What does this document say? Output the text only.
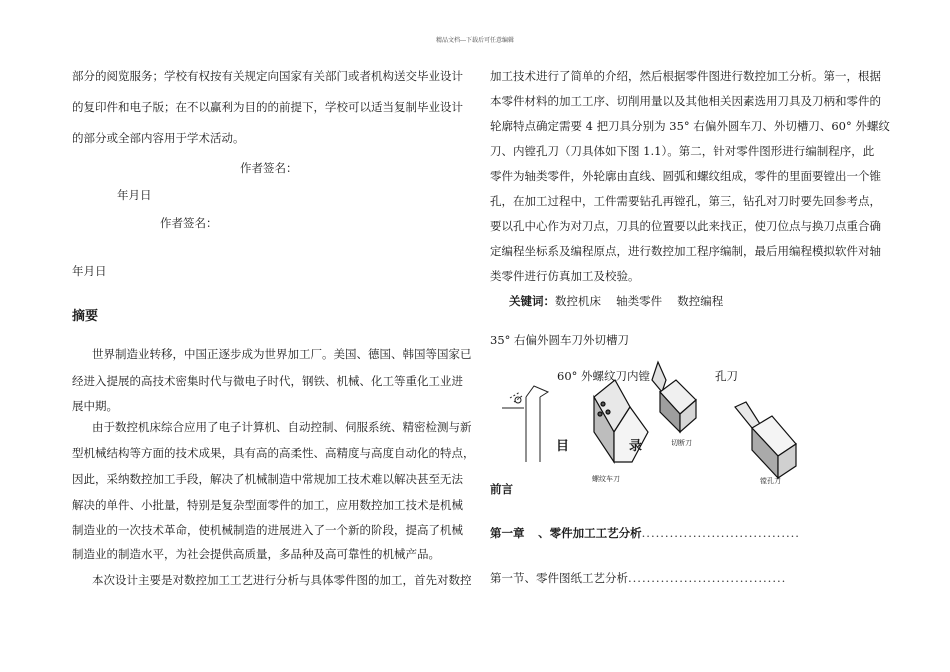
精品文档---下载后可任意编辑
部分的阅览服务；学校有权按有关规定向国家有关部门或者机构送交毕业设计
的复印件和电子版；在不以赢利为目的的前提下，学校可以适当复制毕业设计
的部分或全部内容用于学术活动。
作者签名：
年月日
作者签名：
年月日
摘要
世界制造业转移，中国正逐步成为世界加工厂。美国、德国、韩国等国家已
经进入提展的高技术密集时代与微电子时代，钢铁、机械、化工等重化工业进
展中期。
由于数控机床综合应用了电子计算机、自动控制、伺服系统、精密检测与新
型机械结构等方面的技术成果，具有高的高柔性、高精度与高度自动化的特点，
因此，采纳数控加工手段，解决了机械制造中常规加工技术难以解决甚至无法
解决的单件、小批量，特别是复杂型面零件的加工，应用数控加工技术是机械
制造业的一次技术革命，使机械制造的进展进入了一个新的阶段，提高了机械
制造业的制造水平，为社会提供高质量，多品种及高可靠性的机械产品。
本次设计主要是对数控加工工艺进行分析与具体零件图的加工，首先对数控
加工技术进行了简单的介绍，然后根据零件图进行数控加工分析。第一，根据
本零件材料的加工工序、切削用量以及其他相关因素选用刀具及刀柄和零件的
轮廓特点确定需要 4 把刀具分别为 35° 右偏外圆车刀、外切槽刀、60° 外螺纹
刀、内镗孔刀（刀具体如下图 1.1）。第二，针对零件图形进行编制程序，此
零件为轴类零件，外轮廓由直线、圆弧和螺纹组成，零件的里面要镗出一个锥
孔，在加工过程中，工件需要钻孔再镗孔，第三，钻孔对刀时要先回参考点，
要以孔中心作为对刀点，刀具的位置要以此来找正，使刀位点与换刀点重合确
定编程坐标系及编程原点，进行数控加工程序编制，最后用编程模拟软件对轴
类零件进行仿真加工及校验。
关键词：数控机床　 轴类零件　 数控编程
35° 右偏外圆车刀外切槽刀
60° 外螺纹刀内镗	孔刀
目	录	切断刀
螺纹车刀	镗孔刀
前言
第一章 、零件加工工艺分析..................................
第一节、零件图纸工艺分析..................................
